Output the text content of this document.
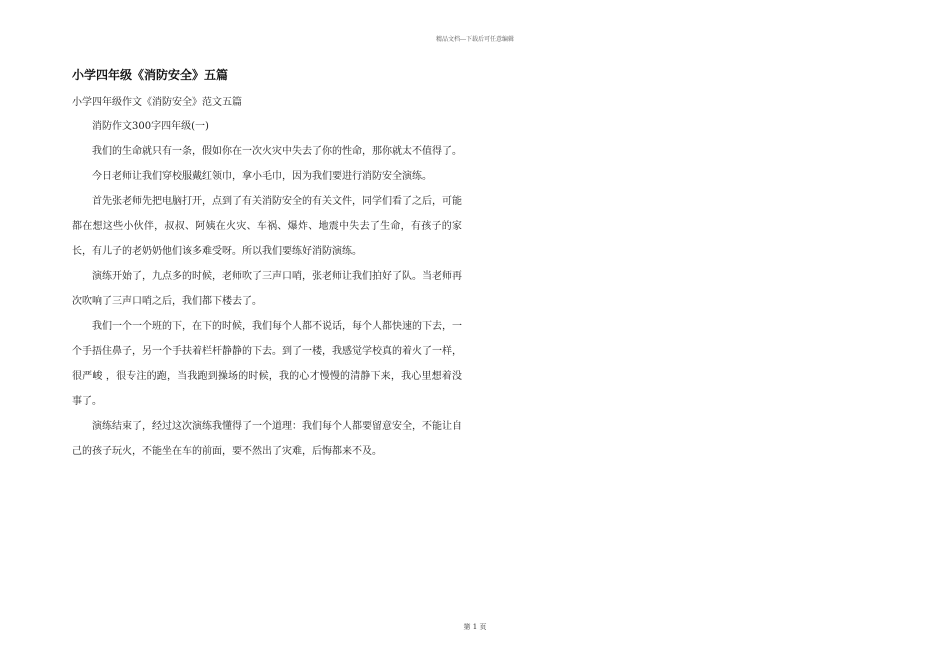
精品文档---下载后可任意编辑
小学四年级《消防安全》五篇
小学四年级作文《消防安全》范文五篇

消防作文300字四年级(一)

我们的生命就只有一条，假如你在一次火灾中失去了你的性命，那你就太不值得了。

今日老师让我们穿校服戴红领巾，拿小毛巾，因为我们要进行消防安全演练。

首先张老师先把电脑打开，点到了有关消防安全的有关文件，同学们看了之后，可能都在想这些小伙伴，叔叔、阿姨在火灾、车祸、爆炸、地震中失去了生命，有孩子的家长，有儿子的老奶奶他们该多难受呀。所以我们要练好消防演练。

演练开始了，九点多的时候，老师吹了三声口哨，张老师让我们拍好了队。当老师再次吹响了三声口哨之后，我们都下楼去了。

我们一个一个班的下，在下的时候，我们每个人都不说话，每个人都快速的下去，一个手捂住鼻子，另一个手扶着栏杆静静的下去。到了一楼，我感觉学校真的着火了一样，很严峻 ，很专注的跑，当我跑到操场的时候，我的心才慢慢的清静下来，我心里想着没事了。

演练结束了，经过这次演练我懂得了一个道理：我们每个人都要留意安全，不能让自己的孩子玩火，不能坐在车的前面，要不然出了灾难，后悔都来不及。

第 1 页
